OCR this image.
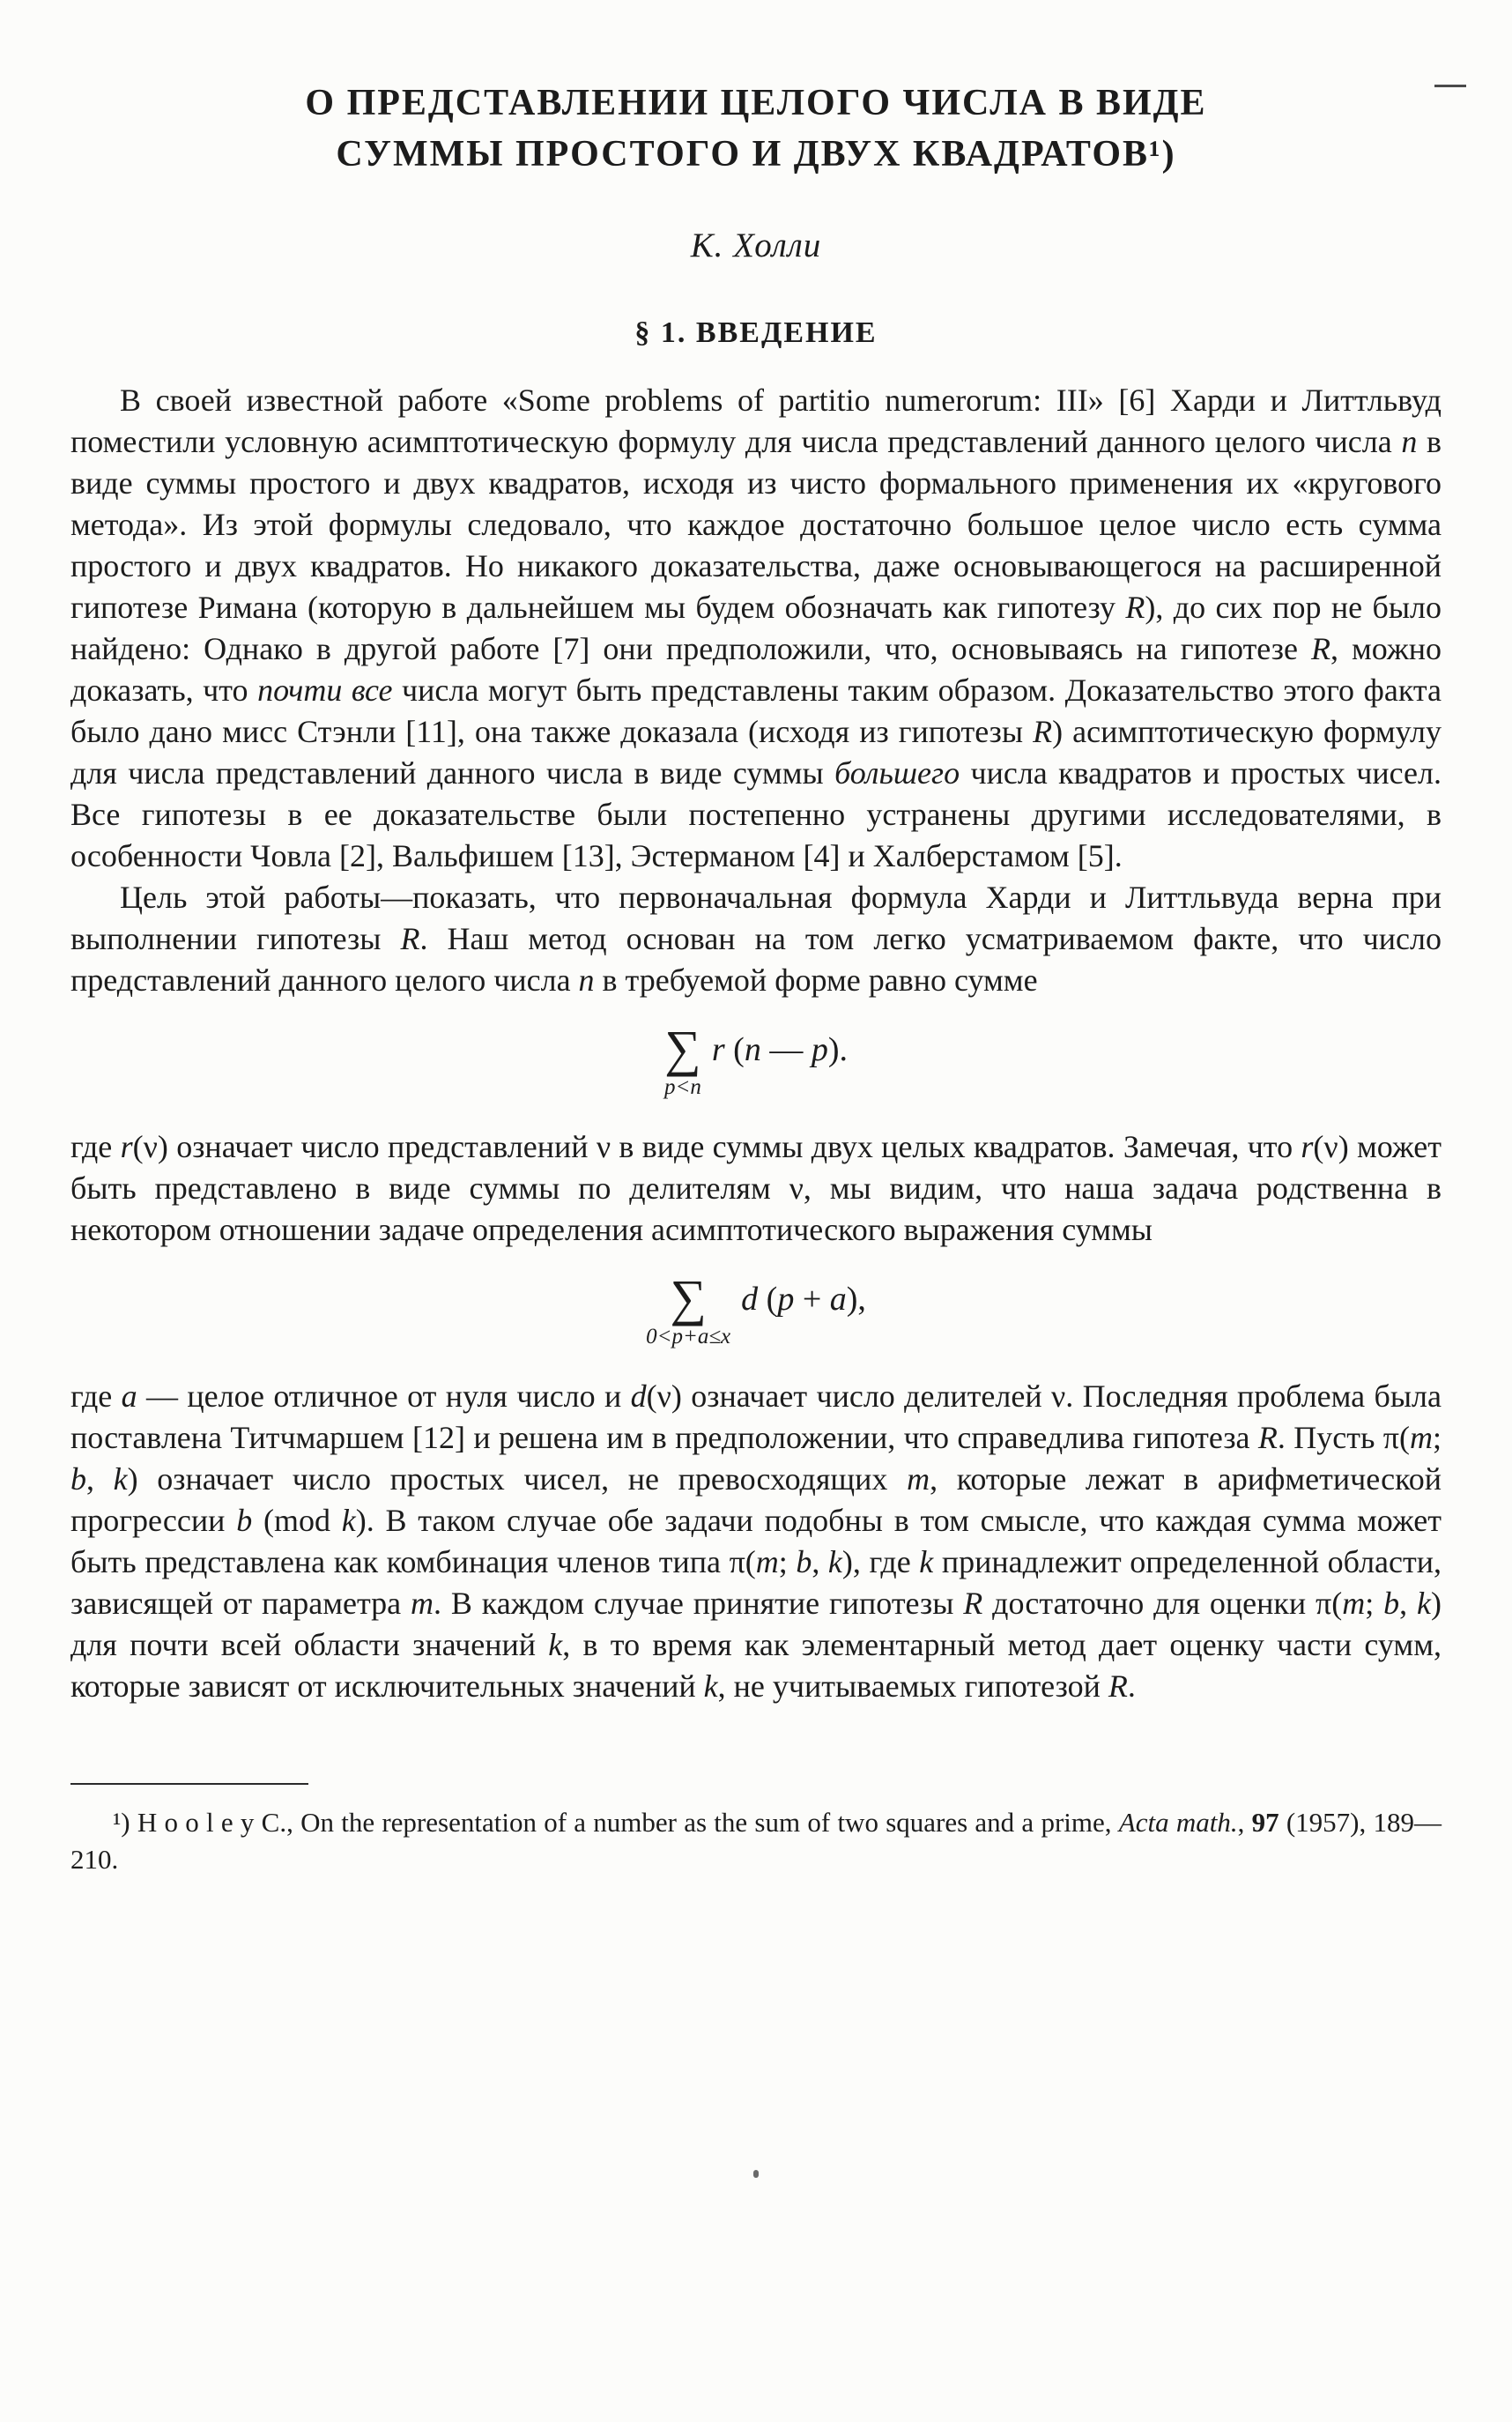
О ПРЕДСТАВЛЕНИИ ЦЕЛОГО ЧИСЛА В ВИДЕ
СУММЫ ПРОСТОГО И ДВУХ КВАДРАТОВ¹)
К. Холли
§ 1. ВВЕДЕНИЕ

В своей известной работе «Some problems of partitio numerorum: III» [6] Харди и Литтльвуд поместили условную асимптотическую формулу для числа представлений данного целого числа n в виде суммы простого и двух квадратов, исходя из чисто формального применения их «кругового метода». Из этой формулы следовало, что каждое достаточно большое целое число есть сумма простого и двух квадратов. Но никакого доказательства, даже основывающегося на расширенной гипотезе Римана (которую в дальнейшем мы будем обозначать как гипотезу R), до сих пор не было найдено: Однако в другой работе [7] они предположили, что, основываясь на гипотезе R, можно доказать, что почти все числа могут быть представлены таким образом. Доказательство этого факта было дано мисс Стэнли [11], она также доказала (исходя из гипотезы R) асимптотическую формулу для числа представлений данного числа в виде суммы большего числа квадратов и простых чисел. Все гипотезы в ее доказательстве были постепенно устранены другими исследователями, в особенности Човла [2], Вальфишем [13], Эстерманом [4] и Халберстамом [5].

Цель этой работы—показать, что первоначальная формула Харди и Литтльвуда верна при выполнении гипотезы R. Наш метод основан на том легко усматриваемом факте, что число представлений данного целого числа n в требуемой форме равно сумме

∑
p<n
r (n — p).

где r(ν) означает число представлений ν в виде суммы двух целых квадратов. Замечая, что r(ν) может быть представлено в виде суммы по делителям ν, мы видим, что наша задача родственна в некотором отношении задаче определения асимптотического выражения суммы

∑
0<p+a≤x
d (p + a),

где a — целое отличное от нуля число и d(ν) означает число делителей ν. Последняя проблема была поставлена Титчмаршем [12] и решена им в предположении, что справедлива гипотеза R. Пусть π(m; b, k) означает число простых чисел, не превосходящих m, которые лежат в арифметической прогрессии b (mod k). В таком случае обе задачи подобны в том смысле, что каждая сумма может быть представлена как комбинация членов типа π(m; b, k), где k принадлежит определенной области, зависящей от параметра m. В каждом случае принятие гипотезы R достаточно для оценки π(m; b, k) для почти всей области значений k, в то время как элементарный метод дает оценку части сумм, которые зависят от исключительных значений k, не учитываемых гипотезой R.

¹) H o o l e y C., On the representation of a number as the sum of two squares and a prime, Acta math., 97 (1957), 189—210.
